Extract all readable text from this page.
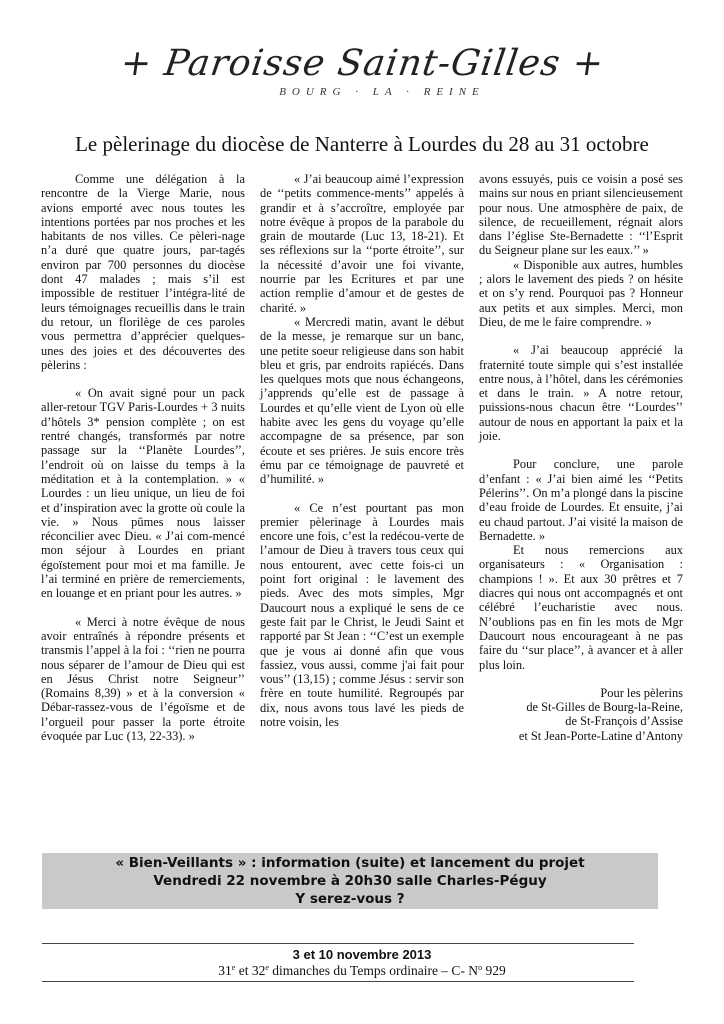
+ Paroisse Saint-Gilles +
BOURG · LA · REINE
Le pèlerinage du diocèse de Nanterre à Lourdes du 28 au 31 octobre

Comme une délégation à la rencontre de la Vierge Marie, nous avions emporté avec nous toutes les intentions portées par nos proches et les habitants de nos villes. Ce pèleri-nage n’a duré que quatre jours, par-tagés environ par 700 personnes du diocèse dont 47 malades ; mais s’il est impossible de restituer l’intégra-lité de leurs témoignages recueillis dans le train du retour, un florilège de ces paroles vous permettra d’apprécier quelques-unes des joies et des découvertes des pèlerins :

« On avait signé pour un pack aller-retour TGV Paris-Lourdes + 3 nuits d’hôtels 3* pension complète ; on est rentré changés, transformés par notre passage sur la ‘‘Planète Lourdes’’, l’endroit où on laisse du temps à la méditation et à la contemplation. » « Lourdes : un lieu unique, un lieu de foi et d’inspiration avec la grotte où coule la vie. » Nous pûmes nous laisser réconcilier avec Dieu. « J’ai com-mencé mon séjour à Lourdes en priant égoïstement pour moi et ma famille. Je l’ai terminé en prière de remerciements, en louange et en priant pour les autres. »

« Merci à notre évêque de nous avoir entraînés à répondre présents et transmis l’appel à la foi : ‘‘rien ne pourra nous séparer de l’amour de Dieu qui est en Jésus Christ notre Seigneur’’ (Romains 8,39) » et à la conversion « Débar-rassez-vous de l’égoïsme et de l’orgueil pour passer la porte étroite évoquée par Luc (13, 22-33). »

« J’ai beaucoup aimé l’expression de ‘‘petits commence-ments’’ appelés à grandir et à s’accroître, employée par notre évêque à propos de la parabole du grain de moutarde (Luc 13, 18-21). Et ses réflexions sur la ‘‘porte étroite’’, sur la nécessité d’avoir une foi vivante, nourrie par les Ecritures et par une action remplie d’amour et de gestes de charité. »

« Mercredi matin, avant le début de la messe, je remarque sur un banc, une petite soeur religieuse dans son habit bleu et gris, par endroits rapiécés. Dans les quelques mots que nous échangeons, j’apprends qu’elle est de passage à Lourdes et qu’elle vient de Lyon où elle habite avec les gens du voyage qu’elle accompagne de sa présence, par son écoute et ses prières. Je suis encore très ému par ce témoignage de pauvreté et d’humilité. »

« Ce n’est pourtant pas mon premier pèlerinage à Lourdes mais encore une fois, c’est la redécou-verte de l’amour de Dieu à travers tous ceux qui nous entourent, avec cette fois-ci un point fort original : le lavement des pieds. Avec des mots simples, Mgr Daucourt nous a expliqué le sens de ce geste fait par le Christ, le Jeudi Saint et rapporté par St Jean : ‘‘C’est un exemple que je vous ai donné afin que vous fassiez, vous aussi, comme j'ai fait pour vous’’ (13,15) ; comme Jésus : servir son frère en toute humilité. Regroupés par dix, nous avons tous lavé les pieds de notre voisin, les

avons essuyés, puis ce voisin a posé ses mains sur nous en priant silencieusement pour nous. Une atmosphère de paix, de silence, de recueillement, régnait alors dans l’église Ste-Bernadette : ‘‘l’Esprit du Seigneur plane sur les eaux.’’ »

« Disponible aux autres, humbles ; alors le lavement des pieds ? on hésite et on s’y rend. Pourquoi pas ? Honneur aux petits et aux simples. Merci, mon Dieu, de me le faire comprendre. »

« J’ai beaucoup apprécié la fraternité toute simple qui s’est installée entre nous, à l’hôtel, dans les cérémonies et dans le train. » A notre retour, puissions-nous chacun être ‘‘Lourdes’’ autour de nous en apportant la paix et la joie.

Pour conclure, une parole d’enfant : « J’ai bien aimé les ‘‘Petits Pélerins’’. On m’a plongé dans la piscine d’eau froide de Lourdes. Et ensuite, j’ai eu chaud partout. J’ai visité la maison de Bernadette. »

Et nous remercions aux organisateurs : « Organisation : champions ! ». Et aux 30 prêtres et 7 diacres qui nous ont accompagnés et ont célébré l’eucharistie avec nous. N’oublions pas en fin les mots de Mgr Daucourt nous encourageant à ne pas faire du ‘‘sur place’’, à avancer et à aller plus loin.

Pour les pèlerins
de St-Gilles de Bourg-la-Reine,
de St-François d’Assise
et St Jean-Porte-Latine d’Antony

« Bien-Veillants » : information (suite) et lancement du projet
Vendredi 22 novembre à 20h30 salle Charles-Péguy
Y serez-vous ?
3 et 10 novembre 2013
31e et 32e dimanches du Temps ordinaire – C- $N^o$ 929
